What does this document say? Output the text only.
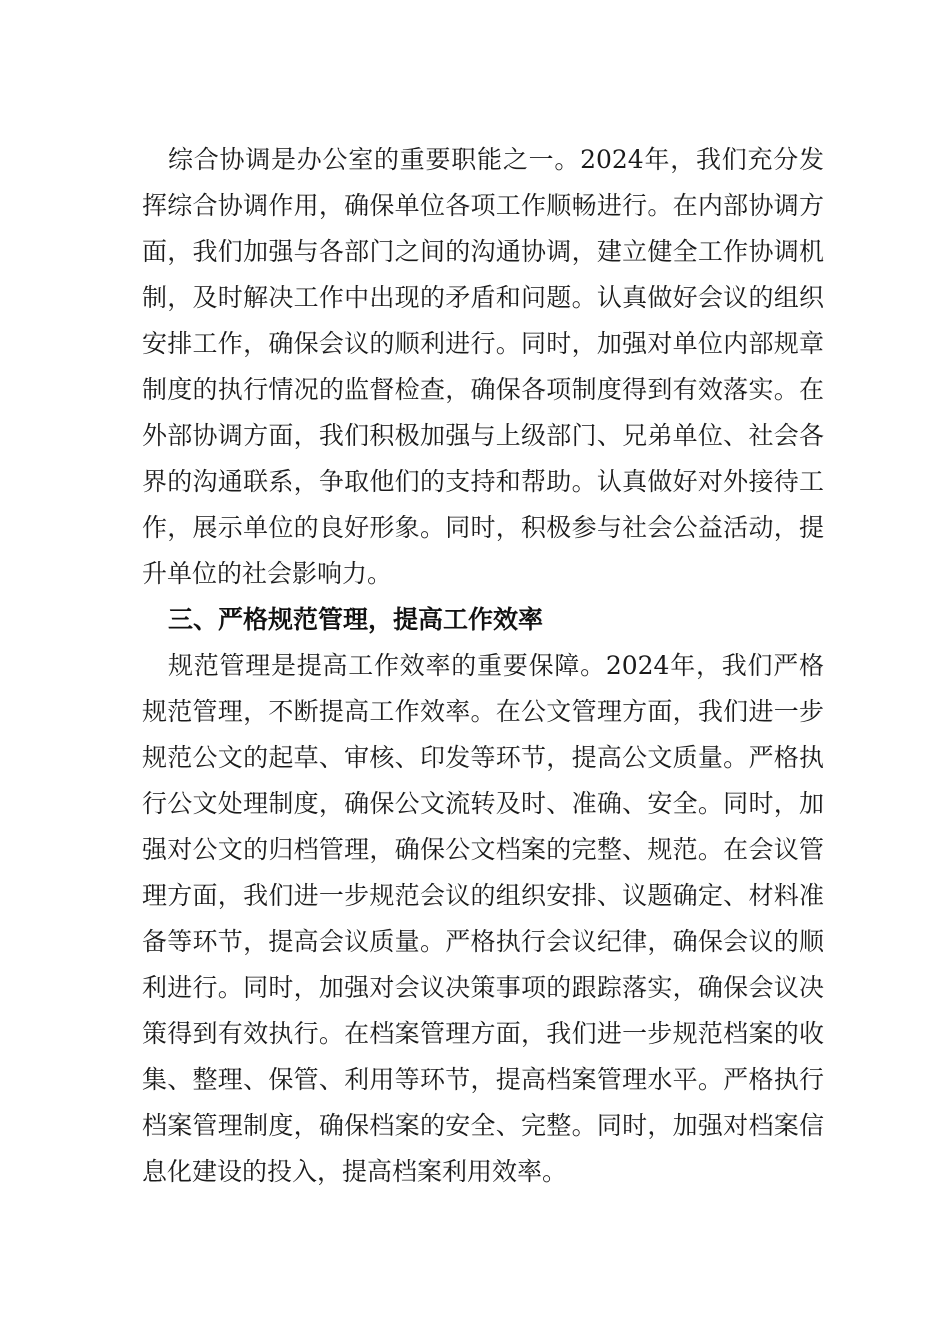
综合协调是办公室的重要职能之一。2024年，我们充分发
挥综合协调作用，确保单位各项工作顺畅进行。在内部协调方
面，我们加强与各部门之间的沟通协调，建立健全工作协调机
制，及时解决工作中出现的矛盾和问题。认真做好会议的组织
安排工作，确保会议的顺利进行。同时，加强对单位内部规章
制度的执行情况的监督检查，确保各项制度得到有效落实。在
外部协调方面，我们积极加强与上级部门、兄弟单位、社会各
界的沟通联系，争取他们的支持和帮助。认真做好对外接待工
作，展示单位的良好形象。同时，积极参与社会公益活动，提
升单位的社会影响力。
三、严格规范管理，提高工作效率
规范管理是提高工作效率的重要保障。2024年，我们严格
规范管理，不断提高工作效率。在公文管理方面，我们进一步
规范公文的起草、审核、印发等环节，提高公文质量。严格执
行公文处理制度，确保公文流转及时、准确、安全。同时，加
强对公文的归档管理，确保公文档案的完整、规范。在会议管
理方面，我们进一步规范会议的组织安排、议题确定、材料准
备等环节，提高会议质量。严格执行会议纪律，确保会议的顺
利进行。同时，加强对会议决策事项的跟踪落实，确保会议决
策得到有效执行。在档案管理方面，我们进一步规范档案的收
集、整理、保管、利用等环节，提高档案管理水平。严格执行
档案管理制度，确保档案的安全、完整。同时，加强对档案信
息化建设的投入，提高档案利用效率。
